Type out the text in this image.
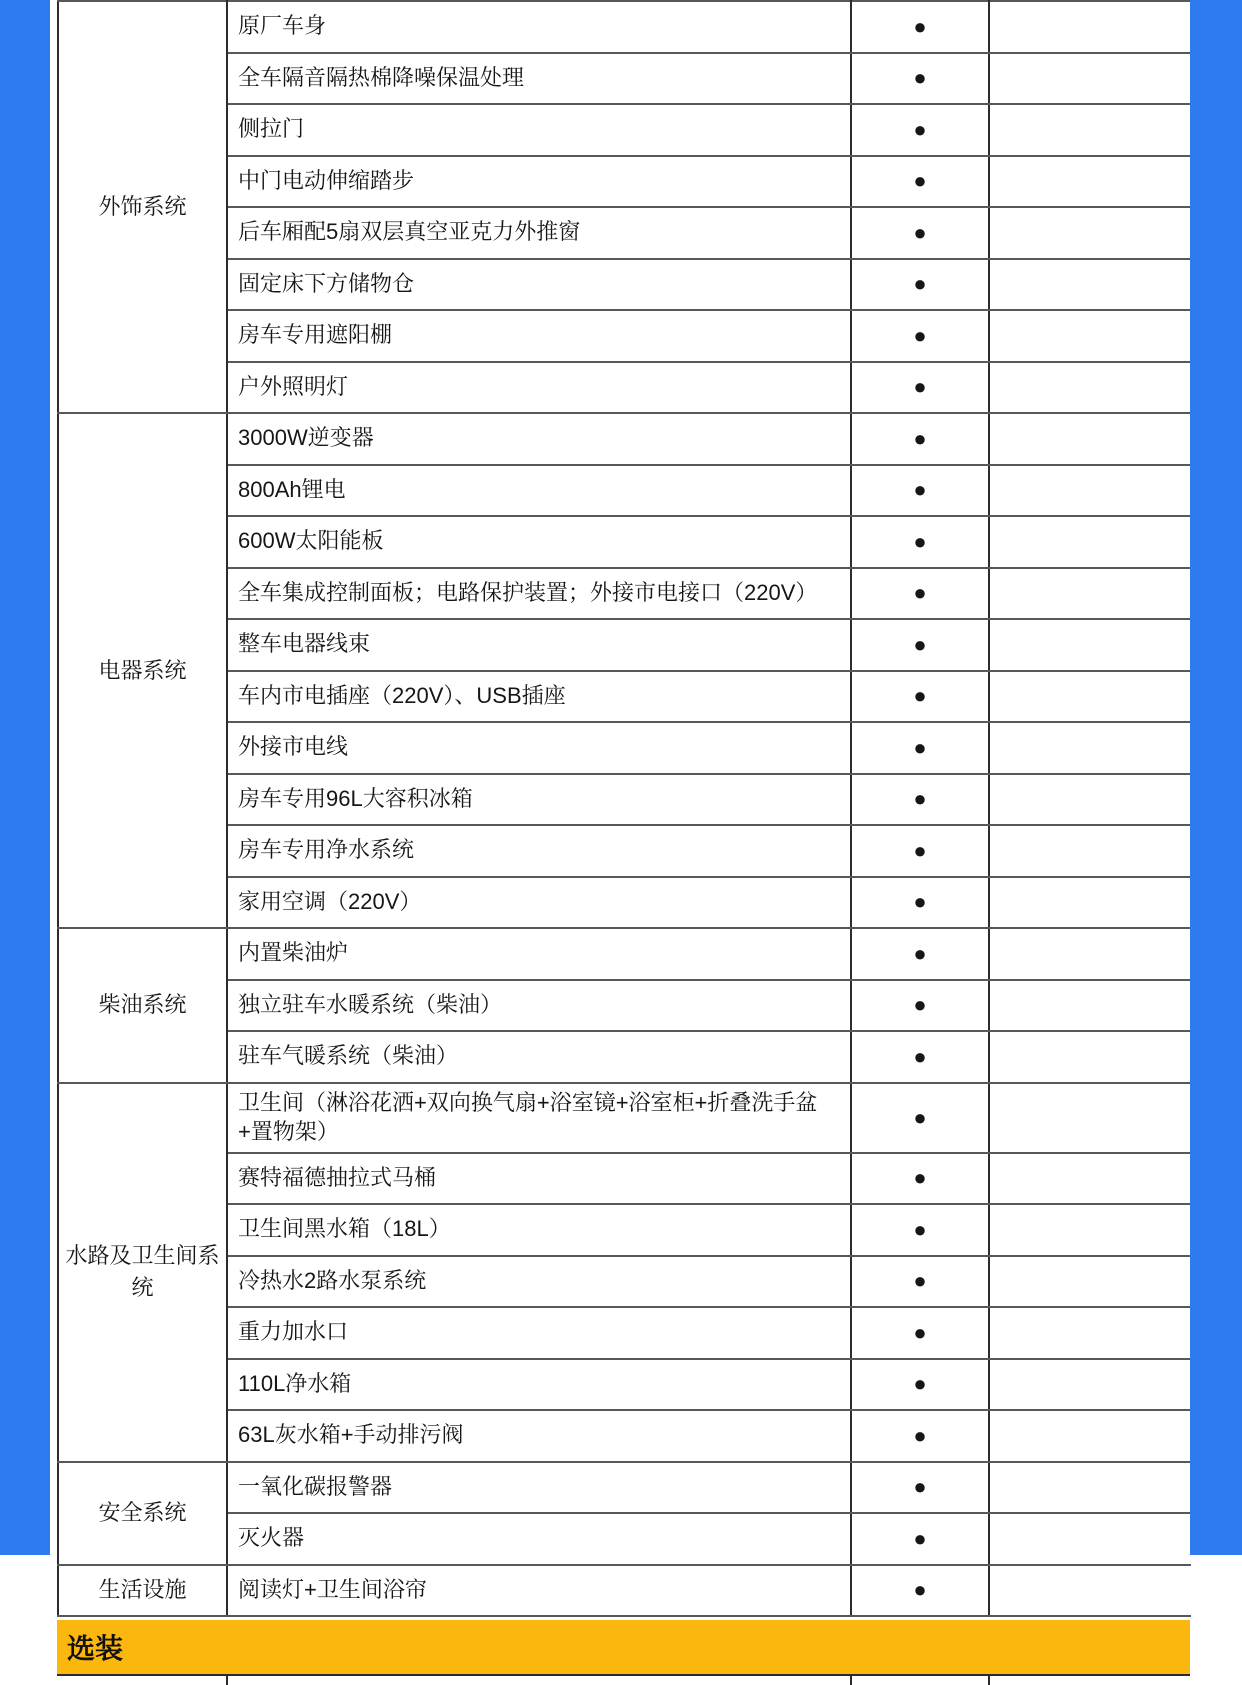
外饰系统	原厂车身	●	
	全车隔音隔热棉降噪保温处理	●	
	侧拉门	●	
	中门电动伸缩踏步	●	
	后车厢配5扇双层真空亚克力外推窗	●	
	固定床下方储物仓	●	
	房车专用遮阳棚	●	
	户外照明灯	●	
电器系统	3000W逆变器	●	
	800Ah锂电	●	
	600W太阳能板	●	
	全车集成控制面板；电路保护装置；外接市电接口（220V）	●	
	整车电器线束	●	
	车内市电插座（220V）、USB插座	●	
	外接市电线	●	
	房车专用96L大容积冰箱	●	
	房车专用净水系统	●	
	家用空调（220V）	●	
柴油系统	内置柴油炉	●	
	独立驻车水暖系统（柴油）	●	
	驻车气暖系统（柴油）	●	
水路及卫生间系统	卫生间（淋浴花洒+双向换气扇+浴室镜+浴室柜+折叠洗手盆+置物架）	●	
	赛特福德抽拉式马桶	●	
	卫生间黑水箱（18L）	●	
	冷热水2路水泵系统	●	
	重力加水口	●	
	110L净水箱	●	
	63L灰水箱+手动排污阀	●	
安全系统	一氧化碳报警器	●	
	灭火器	●	
生活设施	阅读灯+卫生间浴帘	●	
选装
